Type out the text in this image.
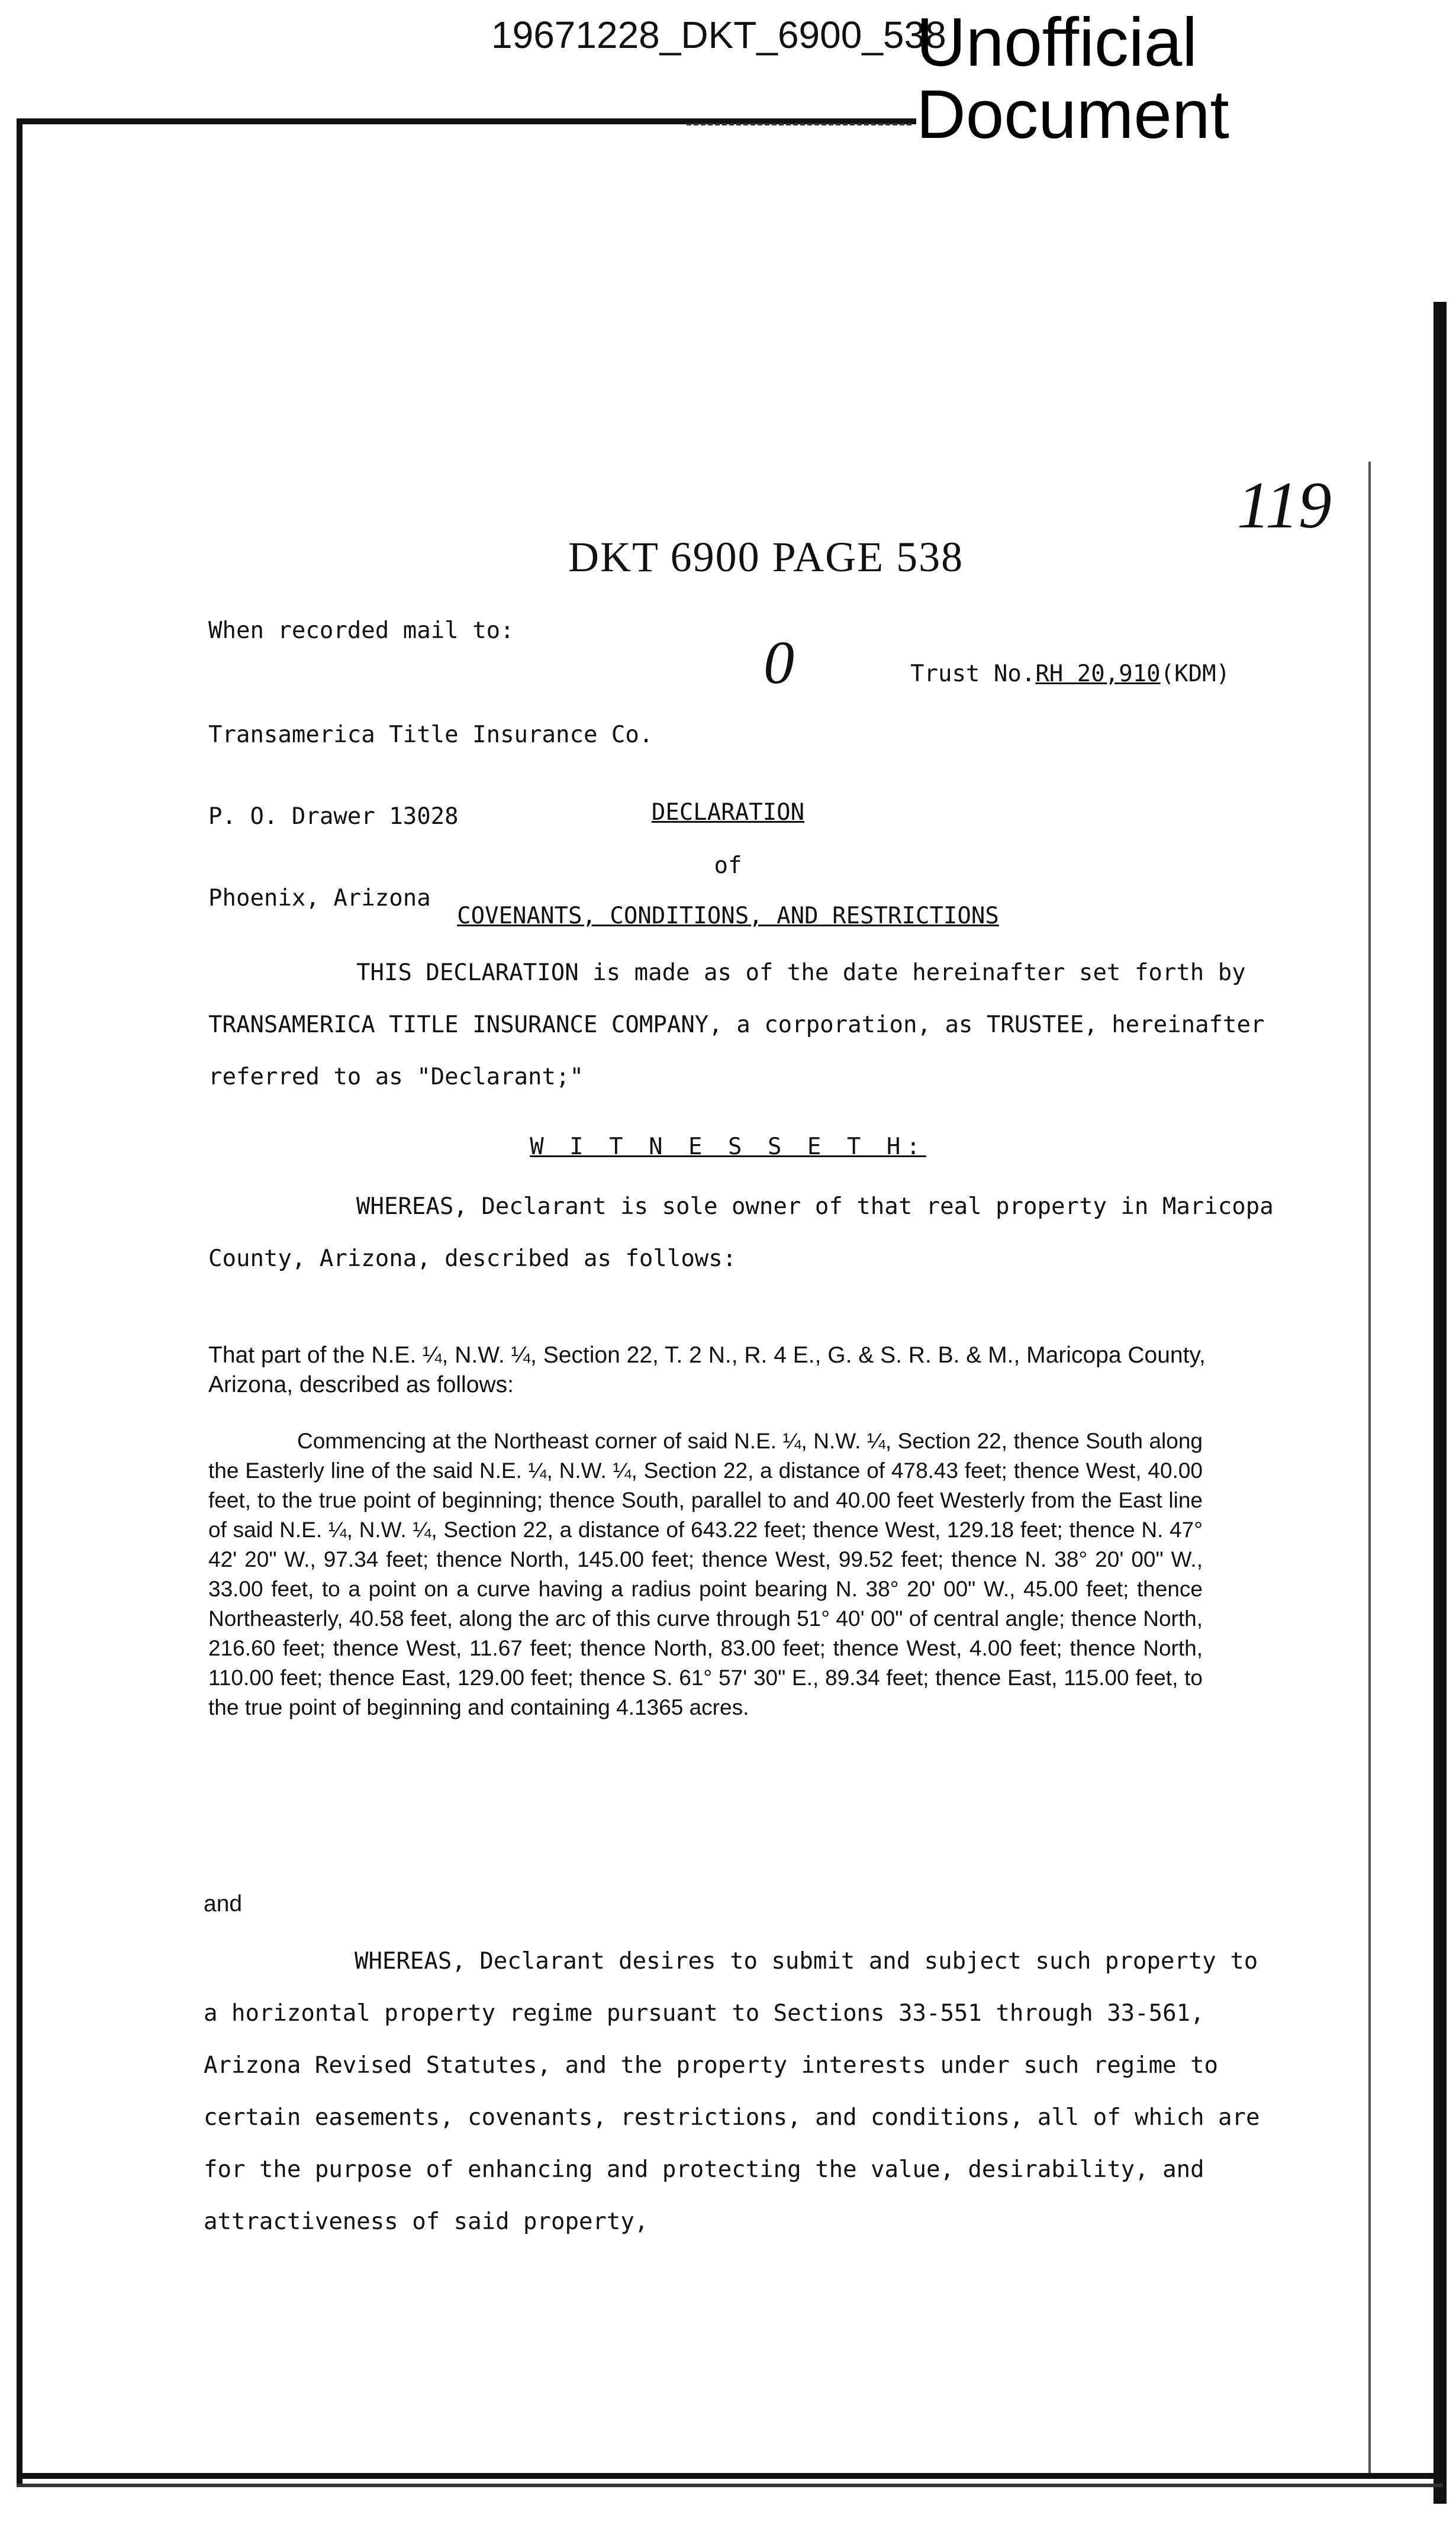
19671228_DKT_6900_538
Unofficial Document
DKT 6900 PAGE 538
119
0
When recorded mail to:

Transamerica Title Insurance Co.

P. O. Drawer 13028

Phoenix, Arizona

Trust No.RH 20,910(KDM)
DECLARATION
of
COVENANTS, CONDITIONS, AND RESTRICTIONS
THIS DECLARATION is made as of the date hereinafter set forth by TRANSAMERICA TITLE INSURANCE COMPANY, a corporation, as TRUSTEE, hereinafter referred to as "Declarant;"
W I T N E S S E T H:
WHEREAS, Declarant is sole owner of that real property in Maricopa County, Arizona, described as follows:
That part of the N.E. ¼, N.W. ¼, Section 22, T. 2 N., R. 4 E., G. & S. R. B. & M., Maricopa County, Arizona, described as follows:
Commencing at the Northeast corner of said N.E. ¼, N.W. ¼, Section 22, thence South along the Easterly line of the said N.E. ¼, N.W. ¼, Section 22, a distance of 478.43 feet; thence West, 40.00 feet, to the true point of beginning; thence South, parallel to and 40.00 feet Westerly from the East line of said N.E. ¼, N.W. ¼, Section 22, a distance of 643.22 feet; thence West, 129.18 feet; thence N. 47° 42' 20" W., 97.34 feet; thence North, 145.00 feet; thence West, 99.52 feet; thence N. 38° 20' 00" W., 33.00 feet, to a point on a curve having a radius point bearing N. 38° 20' 00" W., 45.00 feet; thence Northeasterly, 40.58 feet, along the arc of this curve through 51° 40' 00" of central angle; thence North, 216.60 feet; thence West, 11.67 feet; thence North, 83.00 feet; thence West, 4.00 feet; thence North, 110.00 feet; thence East, 129.00 feet; thence S. 61° 57' 30" E., 89.34 feet; thence East, 115.00 feet, to the true point of beginning and containing 4.1365 acres.
and
WHEREAS, Declarant desires to submit and subject such property to a horizontal property regime pursuant to Sections 33-551 through 33-561, Arizona Revised Statutes, and the property interests under such regime to certain easements, covenants, restrictions, and conditions, all of which are for the purpose of enhancing and protecting the value, desirability, and attractiveness of said property,
